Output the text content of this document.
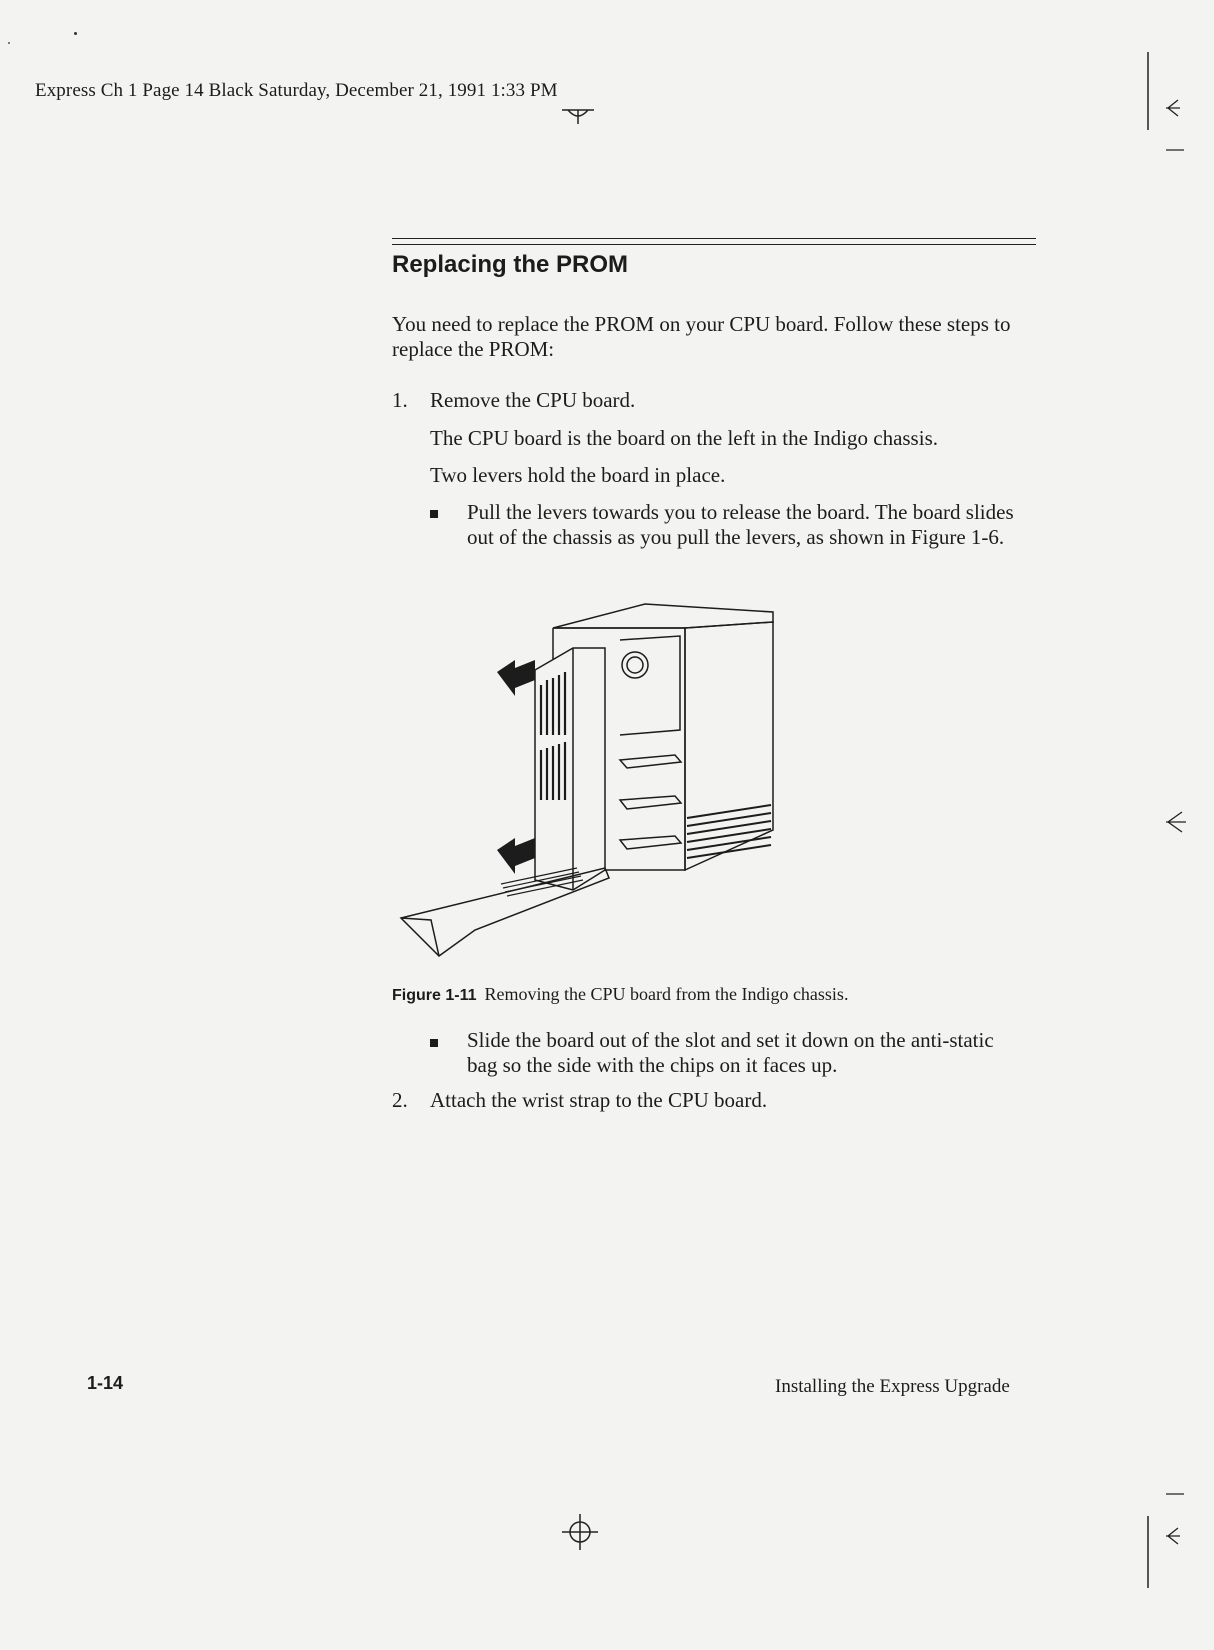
Express Ch 1 Page 14 Black Saturday, December 21, 1991 1:33 PM
Replacing the PROM
You need to replace the PROM on your CPU board. Follow these steps to replace the PROM:
1.	Remove the CPU board.
The CPU board is the board on the left in the Indigo chassis.
Two levers hold the board in place.
Pull the levers towards you to release the board. The board slides out of the chassis as you pull the levers, as shown in Figure 1-6.
Figure 1-11 Removing the CPU board from the Indigo chassis.
Slide the board out of the slot and set it down on the anti-static bag so the side with the chips on it faces up.
2.	Attach the wrist strap to the CPU board.
1-14	Installing the Express Upgrade
